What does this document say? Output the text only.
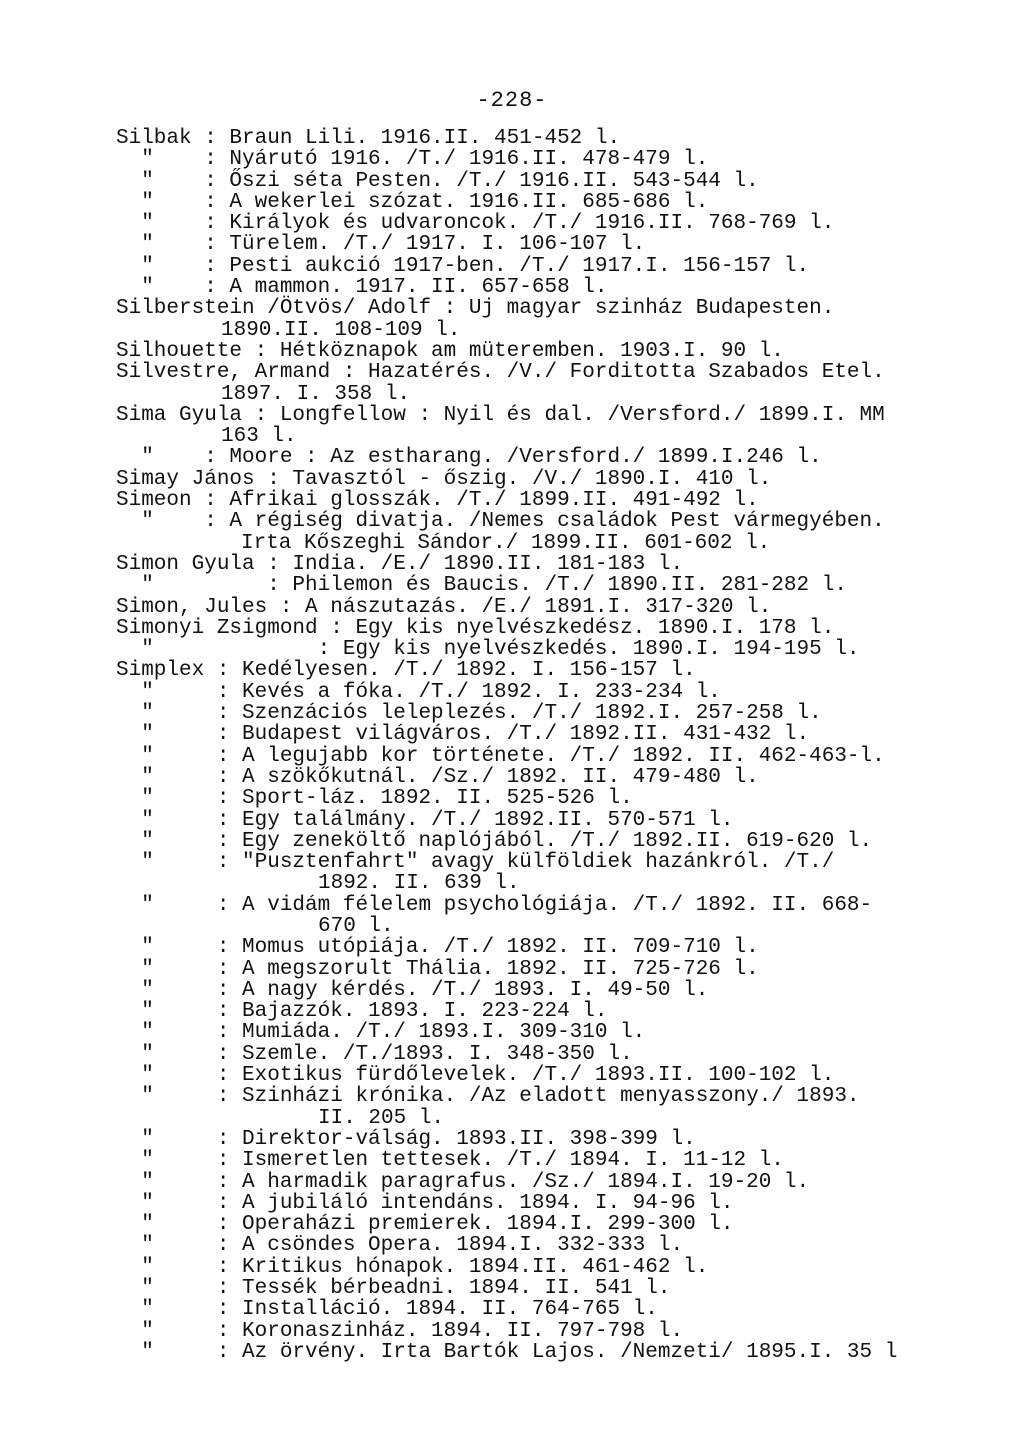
-228-
Silbak : Braun Lili. 1916.II. 451-452 l.
"    : Nyárutó 1916. /T./ 1916.II. 478-479 l.
"    : Őszi séta Pesten. /T./ 1916.II. 543-544 l.
"    : A wekerlei szózat. 1916.II. 685-686 l.
"    : Királyok és udvaroncok. /T./ 1916.II. 768-769 l.
"    : Türelem. /T./ 1917. I. 106-107 l.
"    : Pesti aukció 1917-ben. /T./ 1917.I. 156-157 l.
"    : A mammon. 1917. II. 657-658 l.
Silberstein /Ötvös/ Adolf : Uj magyar szinház Budapesten.
1890.II. 108-109 l.
Silhouette : Hétköznapok am müteremben. 1903.I. 90 l.
Silvestre, Armand : Hazatérés. /V./ Forditotta Szabados Etel.
1897. I. 358 l.
Sima Gyula : Longfellow : Nyil és dal. /Versford./ 1899.I. MM
163 l.
"    : Moore : Az estharang. /Versford./ 1899.I.246 l.
Simay János : Tavasztól - őszig. /V./ 1890.I. 410 l.
Simeon : Afrikai glosszák. /T./ 1899.II. 491-492 l.
"    : A régiség divatja. /Nemes családok Pest vármegyében.
Irta Kőszeghi Sándor./ 1899.II. 601-602 l.
Simon Gyula : India. /E./ 1890.II. 181-183 l.
"         : Philemon és Baucis. /T./ 1890.II. 281-282 l.
Simon, Jules : A nászutazás. /E./ 1891.I. 317-320 l.
Simonyi Zsigmond : Egy kis nyelvészkedész. 1890.I. 178 l.
"             : Egy kis nyelvészkedés. 1890.I. 194-195 l.
Simplex : Kedélyesen. /T./ 1892. I. 156-157 l.
"     : Kevés a fóka. /T./ 1892. I. 233-234 l.
"     : Szenzációs leleplezés. /T./ 1892.I. 257-258 l.
"     : Budapest világváros. /T./ 1892.II. 431-432 l.
"     : A legujabb kor története. /T./ 1892. II. 462-463-l.
"     : A szökőkutnál. /Sz./ 1892. II. 479-480 l.
"     : Sport-láz. 1892. II. 525-526 l.
"     : Egy találmány. /T./ 1892.II. 570-571 l.
"     : Egy zeneköltő naplójából. /T./ 1892.II. 619-620 l.
"     : "Pusztenfahrt" avagy külföldiek hazánkról. /T./
1892. II. 639 l.
"     : A vidám félelem psychológiája. /T./ 1892. II. 668-
670 l.
"     : Momus utópiája. /T./ 1892. II. 709-710 l.
"     : A megszorult Thália. 1892. II. 725-726 l.
"     : A nagy kérdés. /T./ 1893. I. 49-50 l.
"     : Bajazzók. 1893. I. 223-224 l.
"     : Mumiáda. /T./ 1893.I. 309-310 l.
"     : Szemle. /T./1893. I. 348-350 l.
"     : Exotikus fürdőlevelek. /T./ 1893.II. 100-102 l.
"     : Szinházi krónika. /Az eladott menyasszony./ 1893.
II. 205 l.
"     : Direktor-válság. 1893.II. 398-399 l.
"     : Ismeretlen tettesek. /T./ 1894. I. 11-12 l.
"     : A harmadik paragrafus. /Sz./ 1894.I. 19-20 l.
"     : A jubiláló intendáns. 1894. I. 94-96 l.
"     : Operaházi premierek. 1894.I. 299-300 l.
"     : A csöndes Opera. 1894.I. 332-333 l.
"     : Kritikus hónapok. 1894.II. 461-462 l.
"     : Tessék bérbeadni. 1894. II. 541 l.
"     : Installáció. 1894. II. 764-765 l.
"     : Koronaszinház. 1894. II. 797-798 l.
"     : Az örvény. Irta Bartók Lajos. /Nemzeti/ 1895.I. 35 l
